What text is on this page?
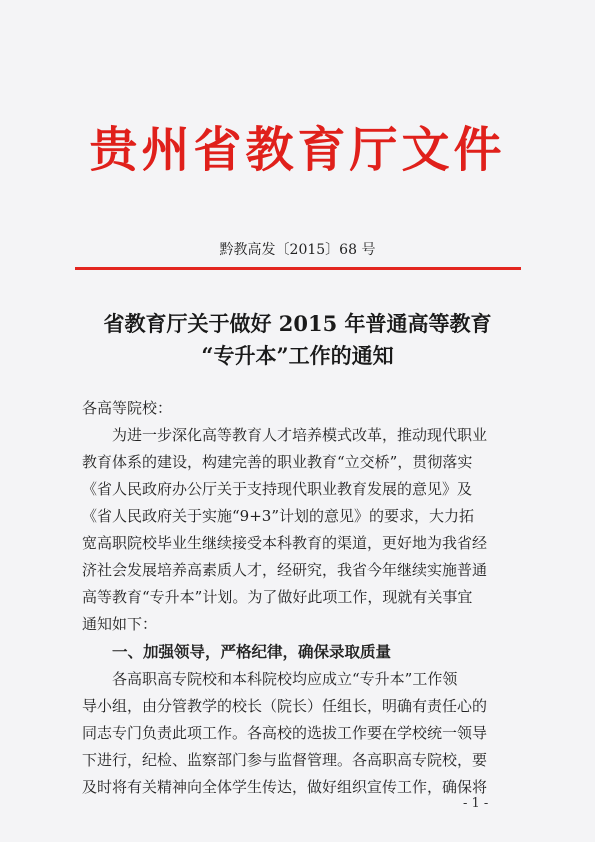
贵州省教育厅文件
黔教高发〔2015〕68 号
省教育厅关于做好 2015 年普通高等教育
“专升本”工作的通知
各高等院校：
为进一步深化高等教育人才培养模式改革，推动现代职业
教育体系的建设，构建完善的职业教育“立交桥”，贯彻落实
《省人民政府办公厅关于支持现代职业教育发展的意见》及
《省人民政府关于实施“9+3”计划的意见》的要求，大力拓
宽高职院校毕业生继续接受本科教育的渠道，更好地为我省经
济社会发展培养高素质人才，经研究，我省今年继续实施普通
高等教育“专升本”计划。为了做好此项工作，现就有关事宜
通知如下：
一、加强领导，严格纪律，确保录取质量
各高职高专院校和本科院校均应成立“专升本”工作领
导小组，由分管教学的校长（院长）任组长，明确有责任心的
同志专门负责此项工作。各高校的选拔工作要在学校统一领导
下进行，纪检、监察部门参与监督管理。各高职高专院校，要
及时将有关精神向全体学生传达，做好组织宣传工作，确保将
- 1 -
